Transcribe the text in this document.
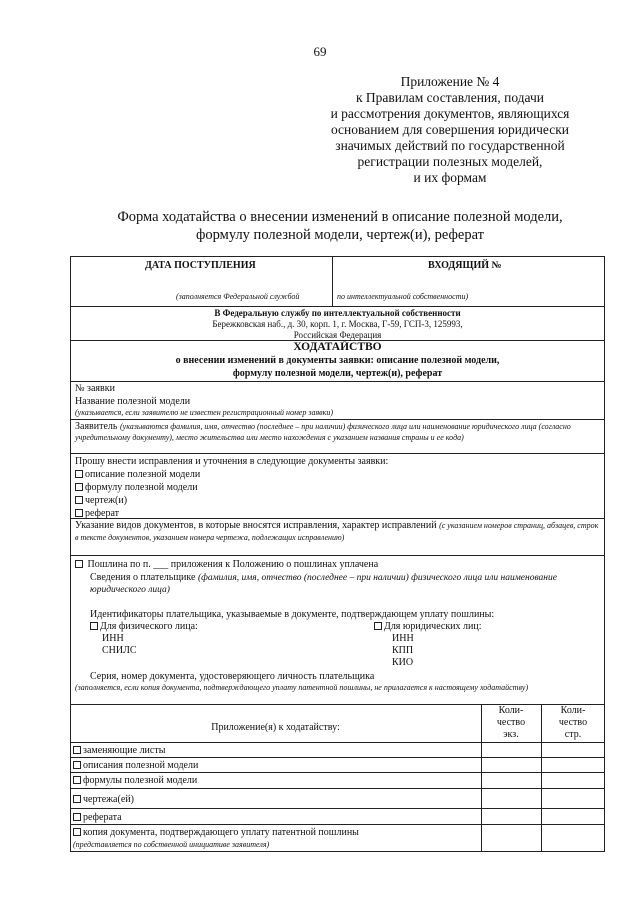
69
Приложение № 4
к Правилам составления, подачи
и рассмотрения документов, являющихся
основанием для совершения юридически
значимых действий по государственной
регистрации полезных моделей,
и их формам
Форма ходатайства о внесении изменений в описание полезной модели,
формулу полезной модели, чертеж(и), реферат
ДАТА ПОСТУПЛЕНИЯ	ВХОДЯЩИЙ №
(заполняется Федеральной службой	по интеллектуальной собственности)
В Федеральную службу по интеллектуальной собственности
Бережковская наб., д. 30, корп. 1, г. Москва, Г-59, ГСП-3, 125993,
Российская Федерация
ХОДАТАЙСТВО
о внесении изменений в документы заявки: описание полезной модели,
формулу полезной модели, чертеж(и), реферат
№ заявки
Название полезной модели
(указывается, если заявителю не известен регистрационный номер заявки)
Заявитель (указываются фамилия, имя, отчество (последнее – при наличии) физического лица или наименование юридического лица (согласно учредительному документу), место жительства или место нахождения с указанием названия страны и ее кода)
Прошу внести исправления и уточнения в следующие документы заявки:
описание полезной модели
формулу полезной модели
чертеж(и)
реферат
Указание видов документов, в которые вносятся исправления, характер исправлений (с указанием номеров страниц, абзацев, строк в тексте документов, указанием номера чертежа, подлежащих исправлению)
Пошлина по п. ___ приложения к Положению о пошлинах уплачена
Сведения о плательщике (фамилия, имя, отчество (последнее – при наличии) физического лица или наименование юридического лица)
Идентификаторы плательщика, указываемые в документе, подтверждающем уплату пошлины:
Для физического лица:
ИНН
СНИЛС
Для юридических лиц:
ИНН
КПП
КИО
Серия, номер документа, удостоверяющего личность плательщика
(заполняется, если копия документа, подтверждающего уплату патентной пошлины, не прилагается к настоящему ходатайству)
Приложение(я) к ходатайству:
Коли-
чество
экз.
Коли-
чество
стр.
заменяющие листы
описания полезной модели
формулы полезной модели
чертежа(ей)
реферата
копия документа, подтверждающего уплату патентной пошлины
(представляется по собственной инициативе заявителя)
